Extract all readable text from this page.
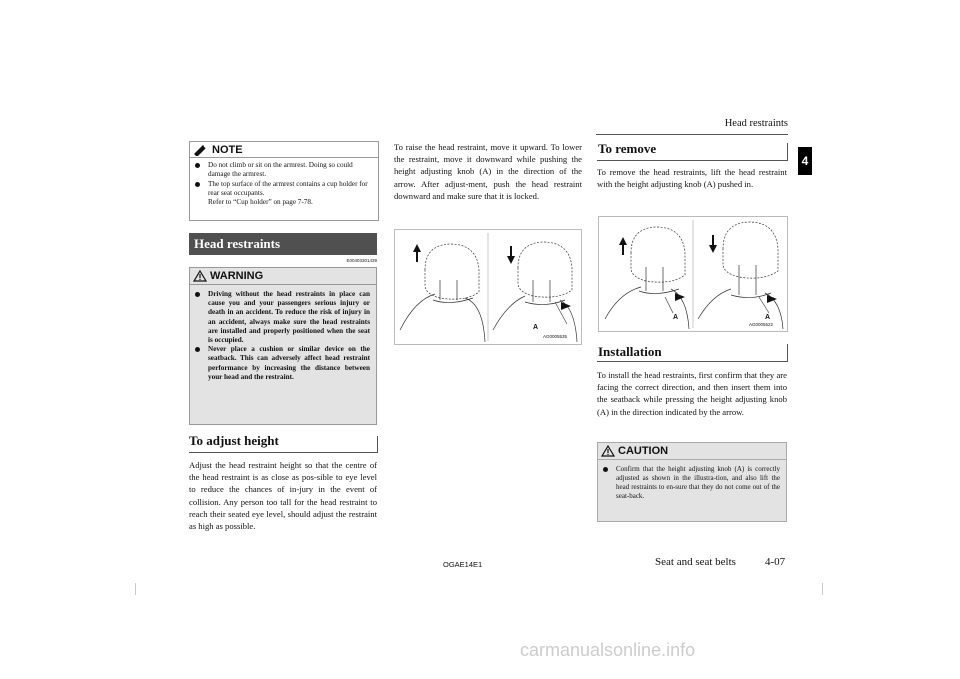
Head restraints
4
NOTE
Do not climb or sit on the armrest. Doing so could damage the armrest.
The top surface of the armrest contains a cup holder for rear seat occupants.
Refer to “Cup holder” on page 7-78.
Head restraints
E00403301439
WARNING
Driving without the head restraints in place can cause you and your passengers serious injury or death in an accident. To reduce the risk of injury in an accident, always make sure the head restraints are installed and properly positioned when the seat is occupied.
Never place a cushion or similar device on the seatback. This can adversely affect head restraint performance by increasing the distance between your head and the restraint.
To adjust height
Adjust the head restraint height so that the centre of the head restraint is as close as pos-sible to eye level to reduce the chances of in-jury in the event of collision. Any person too tall for the head restraint to reach their seated eye level, should adjust the restraint as high as possible.
To raise the head restraint, move it upward. To lower the restraint, move it downward while pushing the height adjusting knob (A) in the direction of the arrow. After adjust-ment, push the head restraint downward and make sure that it is locked.
A
AG0005535
To remove
To remove the head restraints, lift the head restraint with the height adjusting knob (A) pushed in.
A	A
AG0005522
Installation
To install the head restraints, first confirm that they are facing the correct direction, and then insert them into the seatback while pressing the height adjusting knob (A) in the direction indicated by the arrow.
CAUTION
Confirm that the height adjusting knob (A) is correctly adjusted as shown in the illustra-tion, and also lift the head restraints to en-sure that they do not come out of the seat-back.
OGAE14E1	Seat and seat belts	4-07
carmanualsonline.info
